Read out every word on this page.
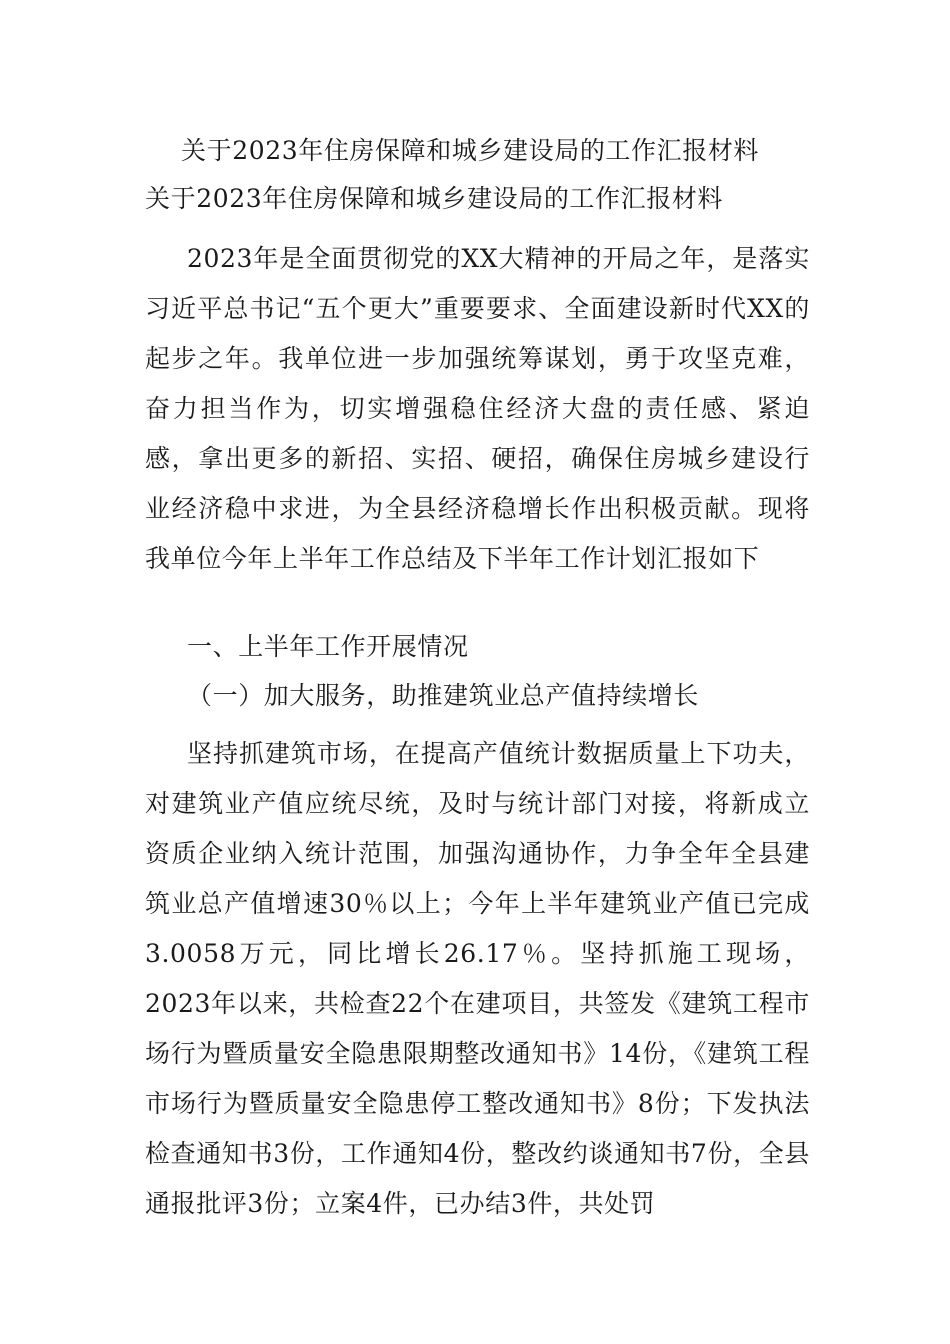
关于2023年住房保障和城乡建设局的工作汇报材料
关于2023年住房保障和城乡建设局的工作汇报材料
2023年是全面贯彻党的XX大精神的开局之年，是落实习近平总书记“五个更大”重要要求、全面建设新时代XX的起步之年。我单位进一步加强统筹谋划，勇于攻坚克难，奋力担当作为，切实增强稳住经济大盘的责任感、紧迫感，拿出更多的新招、实招、硬招，确保住房城乡建设行业经济稳中求进，为全县经济稳增长作出积极贡献。现将我单位今年上半年工作总结及下半年工作计划汇报如下
一、上半年工作开展情况
（一）加大服务，助推建筑业总产值持续增长
坚持抓建筑市场，在提高产值统计数据质量上下功夫，对建筑业产值应统尽统，及时与统计部门对接，将新成立资质企业纳入统计范围，加强沟通协作，力争全年全县建筑业总产值增速30％以上；今年上半年建筑业产值已完成3.0058万元，同比增长26.17％。坚持抓施工现场，2023年以来，共检查22个在建项目，共签发《建筑工程市场行为暨质量安全隐患限期整改通知书》14份，《建筑工程市场行为暨质量安全隐患停工整改通知书》8份；下发执法检查通知书3份，工作通知4份，整改约谈通知书7份，全县通报批评3份；立案4件，已办结3件，共处罚
